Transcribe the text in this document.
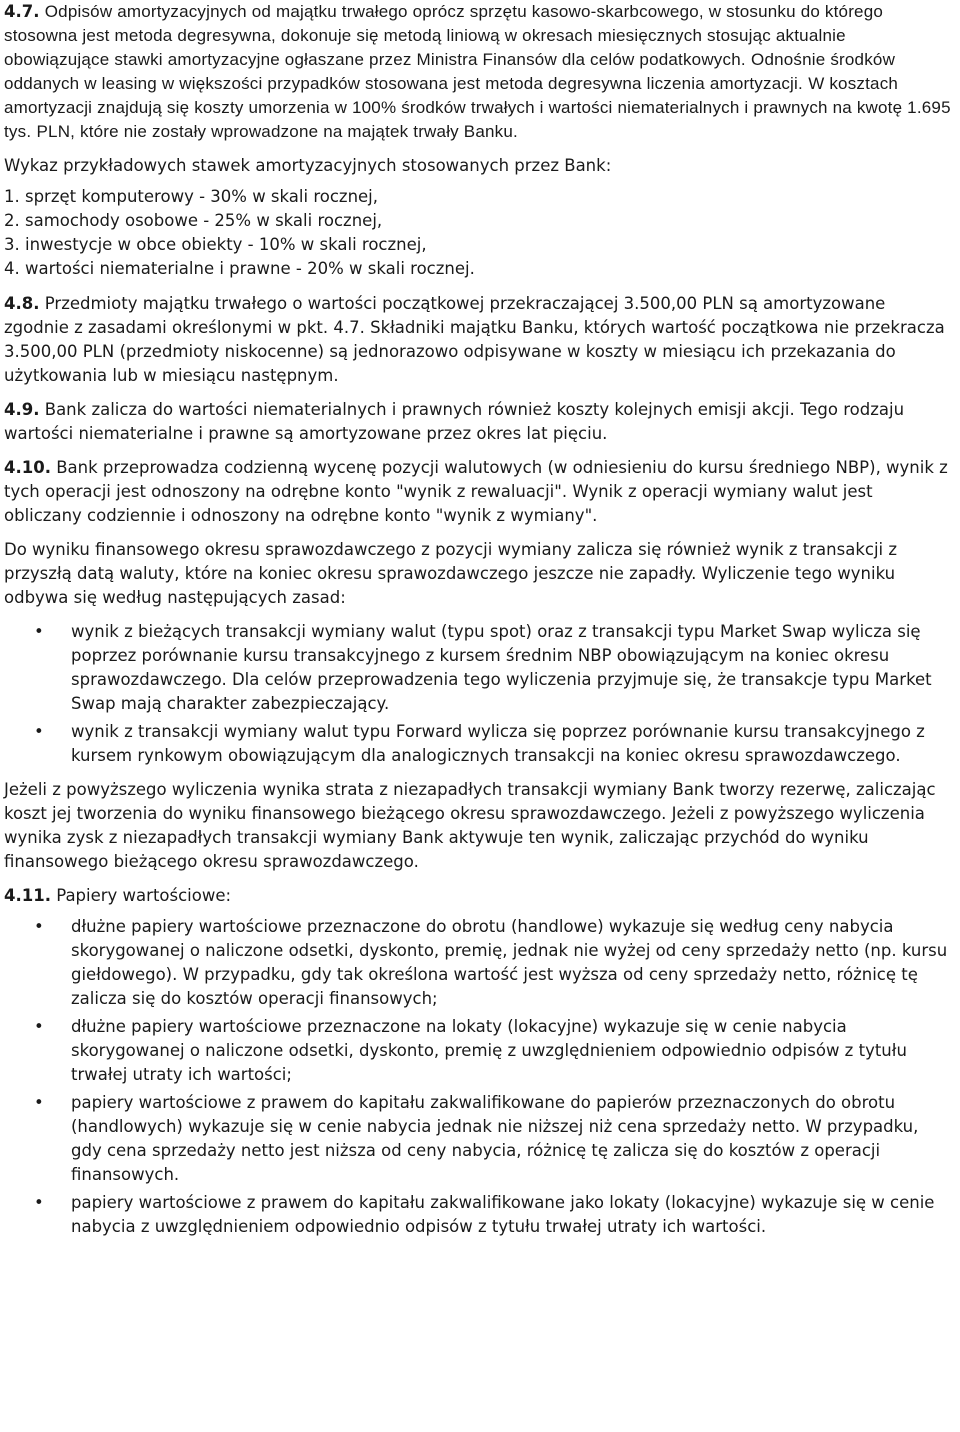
4.7. Odpisów amortyzacyjnych od majątku trwałego oprócz sprzętu kasowo-skarbcowego, w stosunku do którego stosowna jest metoda degresywna, dokonuje się metodą liniową w okresach miesięcznych stosując aktualnie obowiązujące stawki amortyzacyjne ogłaszane przez Ministra Finansów dla celów podatkowych. Odnośnie środków oddanych w leasing w większości przypadków stosowana jest metoda degresywna liczenia amortyzacji. W kosztach amortyzacji znajdują się koszty umorzenia w 100% środków trwałych i wartości niematerialnych i prawnych na kwotę 1.695 tys. PLN, które nie zostały wprowadzone na majątek trwały Banku.

Wykaz przykładowych stawek amortyzacyjnych stosowanych przez Bank:

1. sprzęt komputerowy - 30% w skali rocznej,
2. samochody osobowe - 25% w skali rocznej,
3. inwestycje w obce obiekty - 10% w skali rocznej,
4. wartości niematerialne i prawne - 20% w skali rocznej.

4.8. Przedmioty majątku trwałego o wartości początkowej przekraczającej 3.500,00 PLN są amortyzowane zgodnie z zasadami określonymi w pkt. 4.7. Składniki majątku Banku, których wartość początkowa nie przekracza 3.500,00 PLN (przedmioty niskocenne) są jednorazowo odpisywane w koszty w miesiącu ich przekazania do użytkowania lub w miesiącu następnym.

4.9. Bank zalicza do wartości niematerialnych i prawnych również koszty kolejnych emisji akcji. Tego rodzaju wartości niematerialne i prawne są amortyzowane przez okres lat pięciu.

4.10. Bank przeprowadza codzienną wycenę pozycji walutowych (w odniesieniu do kursu średniego NBP), wynik z tych operacji jest odnoszony na odrębne konto "wynik z rewaluacji". Wynik z operacji wymiany walut jest obliczany codziennie i odnoszony na odrębne konto "wynik z wymiany".

Do wyniku finansowego okresu sprawozdawczego z pozycji wymiany zalicza się również wynik z transakcji z przyszłą datą waluty, które na koniec okresu sprawozdawczego jeszcze nie zapadły. Wyliczenie tego wyniku odbywa się według następujących zasad:

• wynik z bieżących transakcji wymiany walut (typu spot) oraz z transakcji typu Market Swap wylicza się poprzez porównanie kursu transakcyjnego z kursem średnim NBP obowiązującym na koniec okresu sprawozdawczego. Dla celów przeprowadzenia tego wyliczenia przyjmuje się, że transakcje typu Market Swap mają charakter zabezpieczający.
• wynik z transakcji wymiany walut typu Forward wylicza się poprzez porównanie kursu transakcyjnego z kursem rynkowym obowiązującym dla analogicznych transakcji na koniec okresu sprawozdawczego.

Jeżeli z powyższego wyliczenia wynika strata z niezapadłych transakcji wymiany Bank tworzy rezerwę, zaliczając koszt jej tworzenia do wyniku finansowego bieżącego okresu sprawozdawczego. Jeżeli z powyższego wyliczenia wynika zysk z niezapadłych transakcji wymiany Bank aktywuje ten wynik, zaliczając przychód do wyniku finansowego bieżącego okresu sprawozdawczego.

4.11. Papiery wartościowe:

• dłużne papiery wartościowe przeznaczone do obrotu (handlowe) wykazuje się według ceny nabycia skorygowanej o naliczone odsetki, dyskonto, premię, jednak nie wyżej od ceny sprzedaży netto (np. kursu giełdowego). W przypadku, gdy tak określona wartość jest wyższa od ceny sprzedaży netto, różnicę tę zalicza się do kosztów operacji finansowych;
• dłużne papiery wartościowe przeznaczone na lokaty (lokacyjne) wykazuje się w cenie nabycia skorygowanej o naliczone odsetki, dyskonto, premię z uwzględnieniem odpowiednio odpisów z tytułu trwałej utraty ich wartości;
• papiery wartościowe z prawem do kapitału zakwalifikowane do papierów przeznaczonych do obrotu (handlowych) wykazuje się w cenie nabycia jednak nie niższej niż cena sprzedaży netto. W przypadku, gdy cena sprzedaży netto jest niższa od ceny nabycia, różnicę tę zalicza się do kosztów z operacji finansowych.
• papiery wartościowe z prawem do kapitału zakwalifikowane jako lokaty (lokacyjne) wykazuje się w cenie nabycia z uwzględnieniem odpowiednio odpisów z tytułu trwałej utraty ich wartości.
